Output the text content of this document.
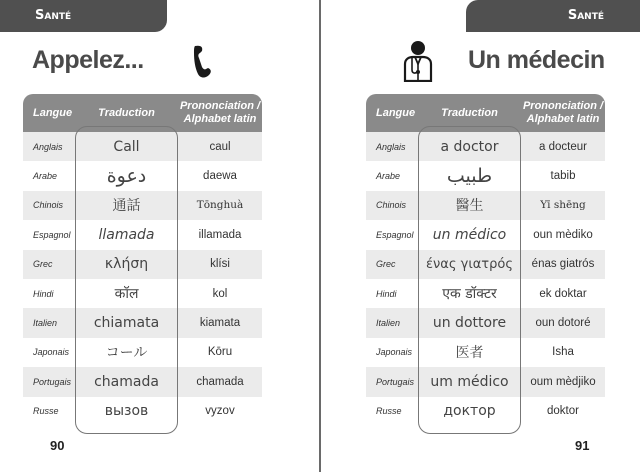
Santé
Appelez...
Langue	Traduction	Prononciation / Alphabet latin
Anglais	Call	caul
Arabe	دعوة	daewa
Chinois	通話	Tōnghuà
Espagnol	llamada	illamada
Grec	κλήση	klísi
Hindi	कॉल	kol
Italien	chiamata	kiamata
Japonais	コール	Kōru
Portugais	chamada	chamada
Russe	вызов	vyzov
90
Santé
Un médecin
Langue	Traduction	Prononciation / Alphabet latin
Anglais	a doctor	a docteur
Arabe	طبيب	tabib
Chinois	醫生	Yī shēng
Espagnol	un médico	oun mèdiko
Grec	ένας γιατρός	énas giatrós
Hindi	एक डॉक्टर	ek doktar
Italien	un dottore	oun dotoré
Japonais	医者	Isha
Portugais	um médico	oum mèdjiko
Russe	доктор	doktor
91
